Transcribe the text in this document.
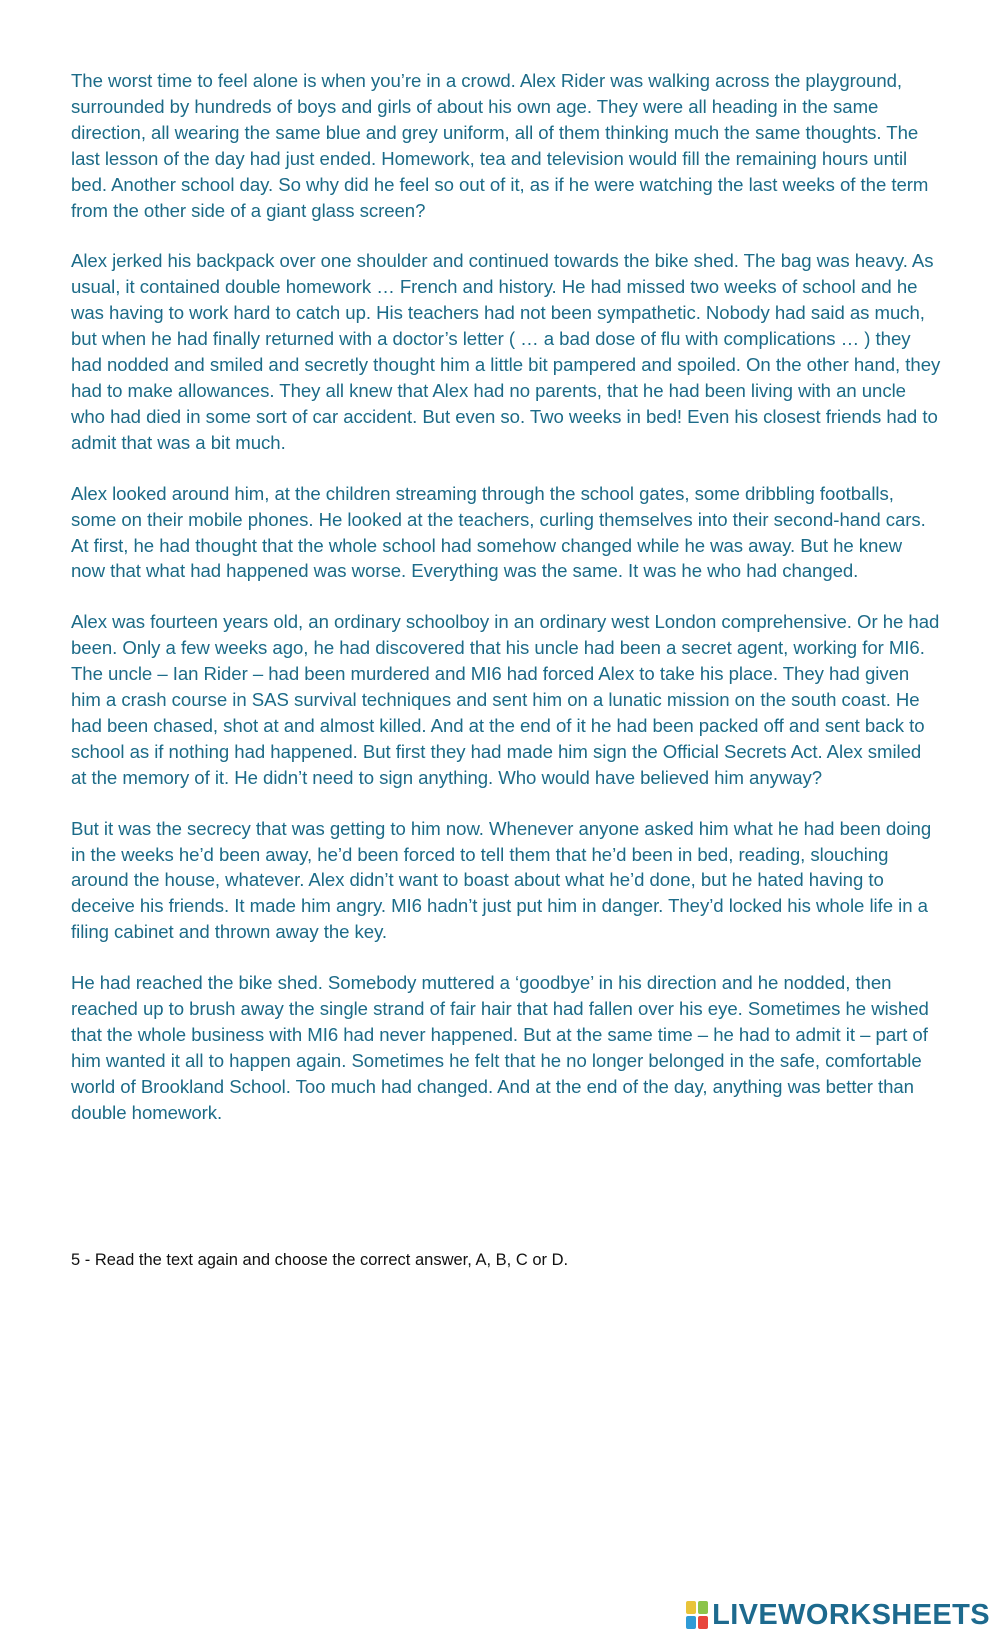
The worst time to feel alone is when you’re in a crowd. Alex Rider was walking across the playground, surrounded by hundreds of boys and girls of about his own age. They were all heading in the same direction, all wearing the same blue and grey uniform, all of them thinking much the same thoughts. The last lesson of the day had just ended. Homework, tea and television would fill the remaining hours until bed. Another school day. So why did he feel so out of it, as if he were watching the last weeks of the term from the other side of a giant glass screen?

Alex jerked his backpack over one shoulder and continued towards the bike shed. The bag was heavy. As usual, it contained double homework … French and history. He had missed two weeks of school and he was having to work hard to catch up. His teachers had not been sympathetic. Nobody had said as much, but when he had finally returned with a doctor’s letter ( … a bad dose of flu with complications … ) they had nodded and smiled and secretly thought him a little bit pampered and spoiled. On the other hand, they had to make allowances. They all knew that Alex had no parents, that he had been living with an uncle who had died in some sort of car accident. But even so. Two weeks in bed! Even his closest friends had to admit that was a bit much.

Alex looked around him, at the children streaming through the school gates, some dribbling footballs, some on their mobile phones. He looked at the teachers, curling themselves into their second-hand cars. At first, he had thought that the whole school had somehow changed while he was away. But he knew now that what had happened was worse. Everything was the same. It was he who had changed.

Alex was fourteen years old, an ordinary schoolboy in an ordinary west London comprehensive. Or he had been. Only a few weeks ago, he had discovered that his uncle had been a secret agent, working for MI6. The uncle – Ian Rider – had been murdered and MI6 had forced Alex to take his place. They had given him a crash course in SAS survival techniques and sent him on a lunatic mission on the south coast. He had been chased, shot at and almost killed. And at the end of it he had been packed off and sent back to school as if nothing had happened. But first they had made him sign the Official Secrets Act. Alex smiled at the memory of it. He didn’t need to sign anything. Who would have believed him anyway?

But it was the secrecy that was getting to him now. Whenever anyone asked him what he had been doing in the weeks he’d been away, he’d been forced to tell them that he’d been in bed, reading, slouching around the house, whatever. Alex didn’t want to boast about what he’d done, but he hated having to deceive his friends. It made him angry. MI6 hadn’t just put him in danger. They’d locked his whole life in a filing cabinet and thrown away the key.

He had reached the bike shed. Somebody muttered a ‘goodbye’ in his direction and he nodded, then reached up to brush away the single strand of fair hair that had fallen over his eye. Sometimes he wished that the whole business with MI6 had never happened. But at the same time – he had to admit it – part of him wanted it all to happen again. Sometimes he felt that he no longer belonged in the safe, comfortable world of Brookland School. Too much had changed. And at the end of the day, anything was better than double homework.

5 - Read the text again and choose the correct answer, A, B, C or D.
LIVEWORKSHEETS
